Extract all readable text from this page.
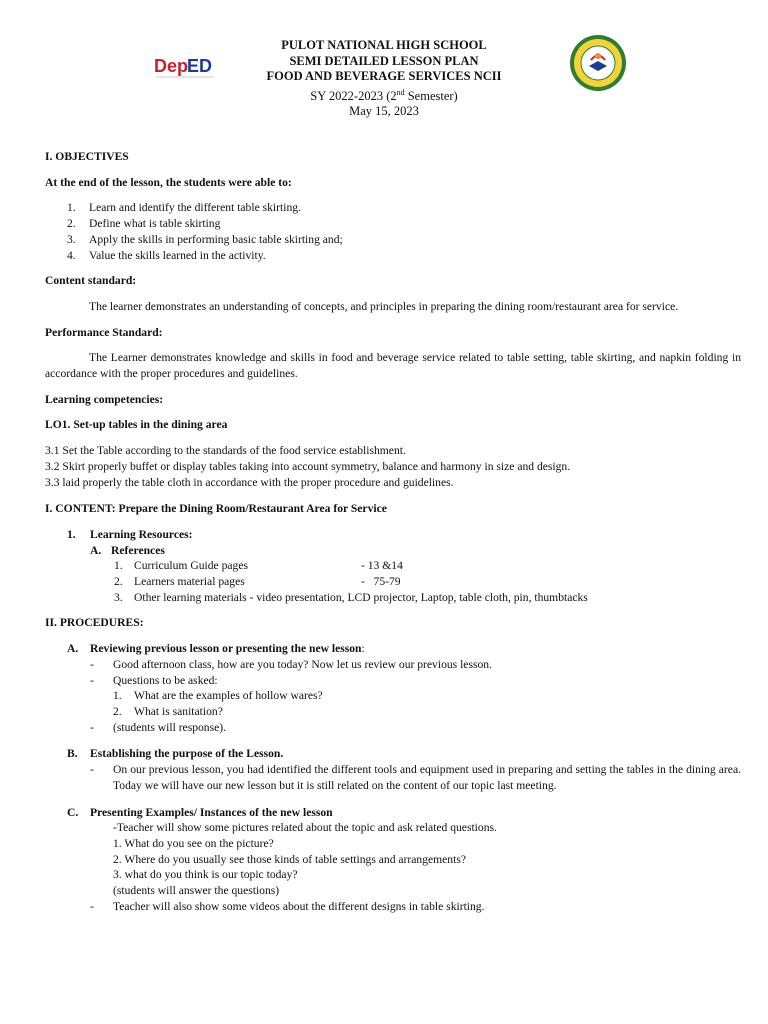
Dep
ED
PULOT NATIONAL HIGH SCHOOL
SEMI DETAILED LESSON PLAN
FOOD AND BEVERAGE SERVICES NCII
SY 2022-2023 (2nd Semester)
May 15, 2023

I. OBJECTIVES

At the end of the lesson, the students were able to:

1.	Learn and identify the different table skirting.
2.	Define what is table skirting
3.	Apply the skills in performing basic table skirting and;
4.	Value the skills learned in the activity.

Content standard:

The learner demonstrates an understanding of concepts, and principles in preparing the dining room/restaurant area for service.

Performance Standard:

The Learner demonstrates knowledge and skills in food and beverage service related to table setting, table skirting, and napkin folding in accordance with the proper procedures and guidelines.

Learning competencies:

LO1. Set-up tables in the dining area

3.1 Set the Table according to the standards of the food service establishment.

3.2 Skirt properly buffet or display tables taking into account symmetry, balance and harmony in size and design.

3.3 laid properly the table cloth in accordance with the proper procedure and guidelines.

I. CONTENT: Prepare the Dining Room/Restaurant Area for Service

1.	Learning Resources:
A. References
1. Curriculum Guide pages	- 13 &14
2. Learners material pages	-   75-79
3. Other learning materials - video presentation, LCD projector, Laptop, table cloth, pin, thumbtacks

II. PROCEDURES:

A.	Reviewing previous lesson or presenting the new lesson:
-	Good afternoon class, how are you today? Now let us review our previous lesson.
-	Questions to be asked:
1.	What are the examples of hollow wares?
2.	What is sanitation?
-	(students will response).
B.	Establishing the purpose of the Lesson.
-	On our previous lesson, you had identified the different tools and equipment used in preparing and setting the tables in the dining area. Today we will have our new lesson but it is still related on the content of our topic last meeting.
C.	Presenting Examples/ Instances of the new lesson
-Teacher will show some pictures related about the topic and ask related questions.
1. What do you see on the picture?
2. Where do you usually see those kinds of table settings and arrangements?
3. what do you think is our topic today?
(students will answer the questions)
-	Teacher will also show some videos about the different designs in table skirting.
